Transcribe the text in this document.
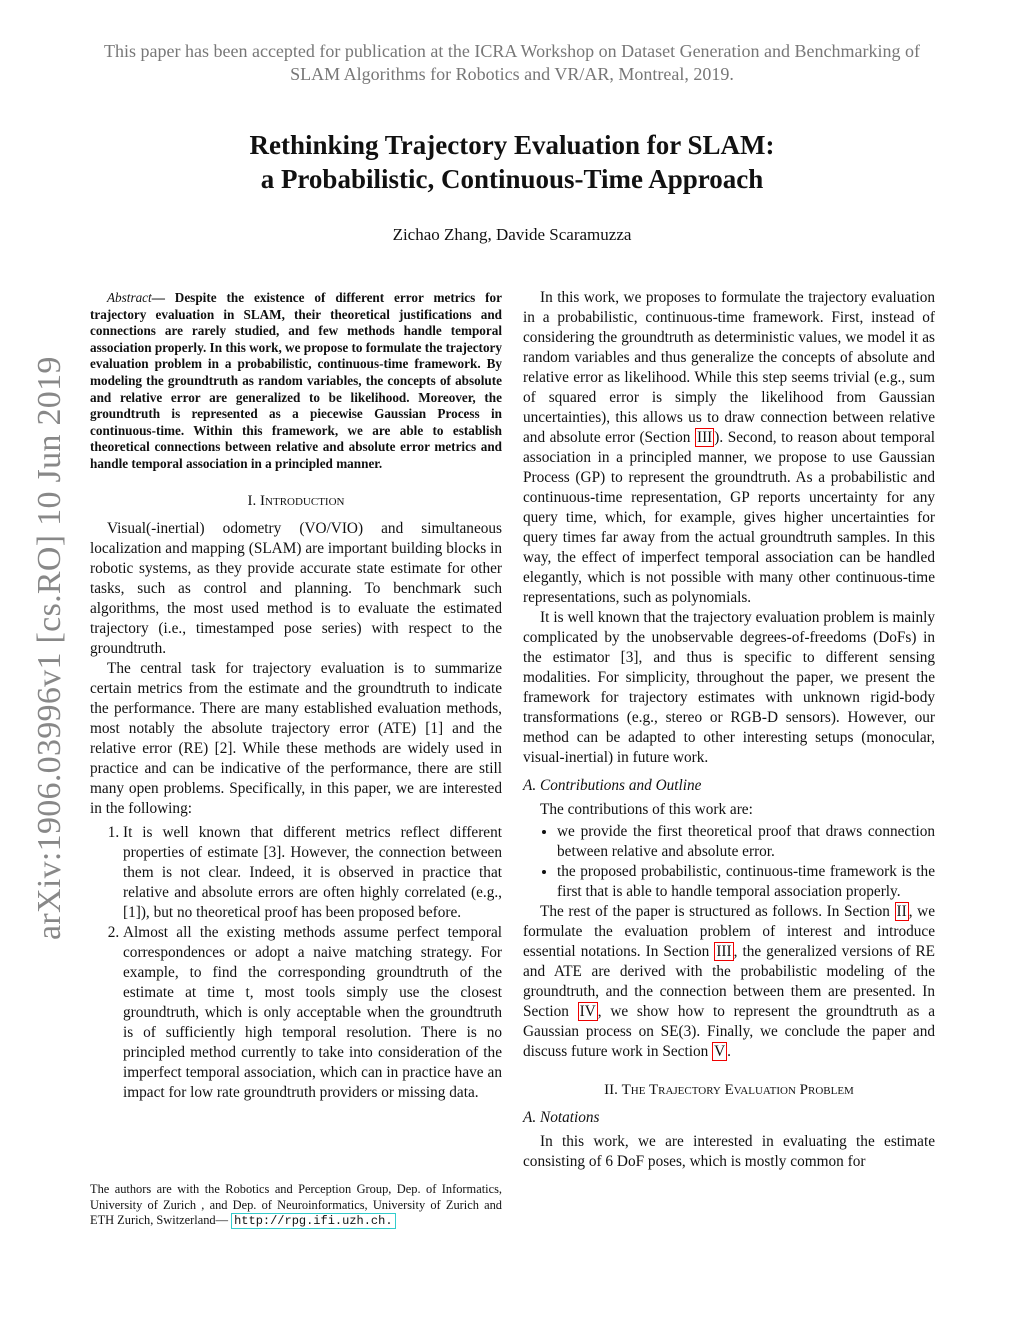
This paper has been accepted for publication at the ICRA Workshop on Dataset Generation and Benchmarking of SLAM Algorithms for Robotics and VR/AR, Montreal, 2019.
Rethinking Trajectory Evaluation for SLAM:
a Probabilistic, Continuous-Time Approach
Zichao Zhang, Davide Scaramuzza
arXiv:1906.03996v1 [cs.RO] 10 Jun 2019

Abstract— Despite the existence of different error metrics for trajectory evaluation in SLAM, their theoretical justifications and connections are rarely studied, and few methods handle temporal association properly. In this work, we propose to formulate the trajectory evaluation problem in a probabilistic, continuous-time framework. By modeling the groundtruth as random variables, the concepts of absolute and relative error are generalized to be likelihood. Moreover, the groundtruth is represented as a piecewise Gaussian Process in continuous-time. Within this framework, we are able to establish theoretical connections between relative and absolute error metrics and handle temporal association in a principled manner.

I. Introduction

Visual(-inertial) odometry (VO/VIO) and simultaneous localization and mapping (SLAM) are important building blocks in robotic systems, as they provide accurate state estimate for other tasks, such as control and planning. To benchmark such algorithms, the most used method is to evaluate the estimated trajectory (i.e., timestamped pose series) with respect to the groundtruth.

The central task for trajectory evaluation is to summarize certain metrics from the estimate and the groundtruth to indicate the performance. There are many established evaluation methods, most notably the absolute trajectory error (ATE) [1] and the relative error (RE) [2]. While these methods are widely used in practice and can be indicative of the performance, there are still many open problems. Specifically, in this paper, we are interested in the following:

1. It is well known that different metrics reflect different properties of estimate [3]. However, the connection between them is not clear. Indeed, it is observed in practice that relative and absolute errors are often highly correlated (e.g., [1]), but no theoretical proof has been proposed before.
2. Almost all the existing methods assume perfect temporal correspondences or adopt a naive matching strategy. For example, to find the corresponding groundtruth of the estimate at time t, most tools simply use the closest groundtruth, which is only acceptable when the groundtruth is of sufficiently high temporal resolution. There is no principled method currently to take into consideration of the imperfect temporal association, which can in practice have an impact for low rate groundtruth providers or missing data.
The authors are with the Robotics and Perception Group, Dep. of Informatics, University of Zurich , and Dep. of Neuroinformatics, University of Zurich and ETH Zurich, Switzerland— http://rpg.ifi.uzh.ch.

In this work, we proposes to formulate the trajectory evaluation in a probabilistic, continuous-time framework. First, instead of considering the groundtruth as deterministic values, we model it as random variables and thus generalize the concepts of absolute and relative error as likelihood. While this step seems trivial (e.g., sum of squared error is simply the likelihood from Gaussian uncertainties), this allows us to draw connection between relative and absolute error (Section III ). Second, to reason about temporal association in a principled manner, we propose to use Gaussian Process (GP) to represent the groundtruth. As a probabilistic and continuous-time representation, GP reports uncertainty for any query time, which, for example, gives higher uncertainties for query times far away from the actual groundtruth samples. In this way, the effect of imperfect temporal association can be handled elegantly, which is not possible with many other continuous-time representations, such as polynomials.

It is well known that the trajectory evaluation problem is mainly complicated by the unobservable degrees-of-freedoms (DoFs) in the estimator [3], and thus is specific to different sensing modalities. For simplicity, throughout the paper, we present the framework for trajectory estimates with unknown rigid-body transformations (e.g., stereo or RGB-D sensors). However, our method can be adapted to other interesting setups (monocular, visual-inertial) in future work.

A. Contributions and Outline

The contributions of this work are:

• we provide the first theoretical proof that draws connection between relative and absolute error.
• the proposed probabilistic, continuous-time framework is the first that is able to handle temporal association properly.

The rest of the paper is structured as follows. In Section II , we formulate the evaluation problem of interest and introduce essential notations. In Section III , the generalized versions of RE and ATE are derived with the probabilistic modeling of the groundtruth, and the connection between them are presented. In Section IV , we show how to represent the groundtruth as a Gaussian process on SE(3). Finally, we conclude the paper and discuss future work in Section V .

II. The Trajectory Evaluation Problem
A. Notations

In this work, we are interested in evaluating the estimate consisting of 6 DoF poses, which is mostly common for
